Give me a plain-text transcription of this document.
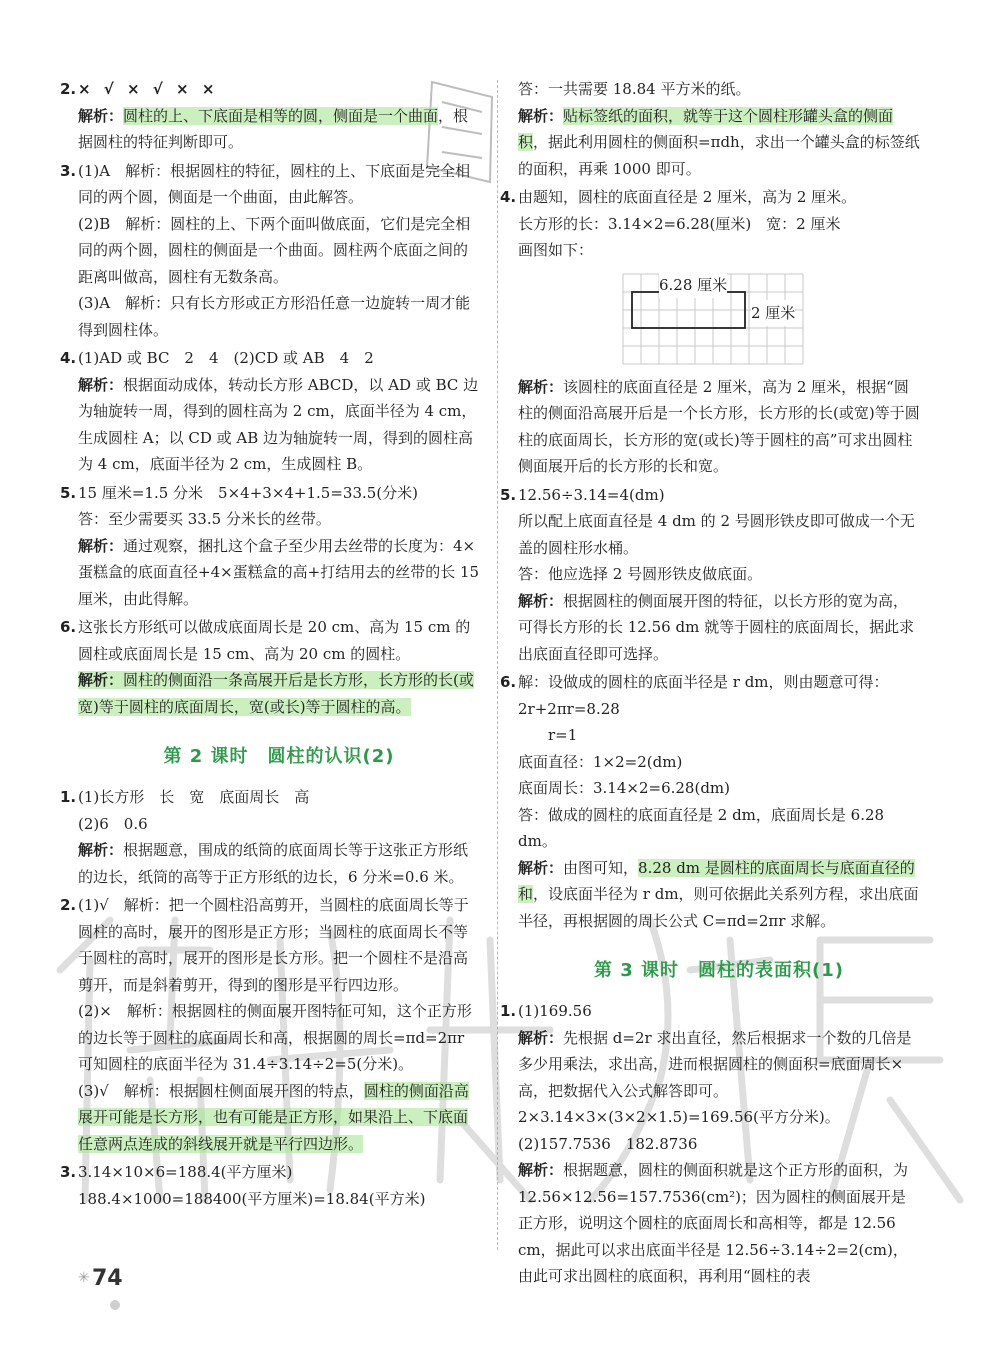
2. × √ × √ × ×

解析：圆柱的上、下底面是相等的圆，侧面是一个曲面，根据圆柱的特征判断即可。

3. (1)A　解析：根据圆柱的特征，圆柱的上、下底面是完全相同的两个圆，侧面是一个曲面，由此解答。

(2)B　解析：圆柱的上、下两个面叫做底面，它们是完全相同的两个圆，圆柱的侧面是一个曲面。圆柱两个底面之间的距离叫做高，圆柱有无数条高。

(3)A　解析：只有长方形或正方形沿任意一边旋转一周才能得到圆柱体。

4. (1)AD 或 BC　2　4　(2)CD 或 AB　4　2

解析：根据面动成体，转动长方形 ABCD，以 AD 或 BC 边为轴旋转一周，得到的圆柱高为 2 cm，底面半径为 4 cm，生成圆柱 A；以 CD 或 AB 边为轴旋转一周，得到的圆柱高为 4 cm，底面半径为 2 cm，生成圆柱 B。

5. 15 厘米=1.5 分米　5×4+3×4+1.5=33.5(分米)

答：至少需要买 33.5 分米长的丝带。

解析：通过观察，捆扎这个盒子至少用去丝带的长度为：4×蛋糕盒的底面直径+4×蛋糕盒的高+打结用去的丝带的长 15 厘米，由此得解。

6. 这张长方形纸可以做成底面周长是 20 cm、高为 15 cm 的圆柱或底面周长是 15 cm、高为 20 cm 的圆柱。

解析：圆柱的侧面沿一条高展开后是长方形，长方形的长(或宽)等于圆柱的底面周长，宽(或长)等于圆柱的高。

第 2 课时　圆柱的认识(2)

1. (1)长方形　长　宽　底面周长　高

(2)6　0.6

解析：根据题意，围成的纸筒的底面周长等于这张正方形纸的边长，纸筒的高等于正方形纸的边长，6 分米=0.6 米。

2. (1)√　解析：把一个圆柱沿高剪开，当圆柱的底面周长等于圆柱的高时，展开的图形是正方形；当圆柱的底面周长不等于圆柱的高时，展开的图形是长方形。把一个圆柱不是沿高剪开，而是斜着剪开，得到的图形是平行四边形。

(2)×　解析：根据圆柱的侧面展开图特征可知，这个正方形的边长等于圆柱的底面周长和高，根据圆的周长=πd=2πr 可知圆柱的底面半径为 31.4÷3.14÷2=5(分米)。

(3)√　解析：根据圆柱侧面展开图的特点，圆柱的侧面沿高展开可能是长方形，也有可能是正方形，如果沿上、下底面任意两点连成的斜线展开就是平行四边形。

3. 3.14×10×6=188.4(平方厘米)

188.4×1000=188400(平方厘米)=18.84(平方米)

答：一共需要 18.84 平方米的纸。

解析：贴标签纸的面积，就等于这个圆柱形罐头盒的侧面积，据此利用圆柱的侧面积=πdh，求出一个罐头盒的标签纸的面积，再乘 1000 即可。

4. 由题知，圆柱的底面直径是 2 厘米，高为 2 厘米。

长方形的长：3.14×2=6.28(厘米)　宽：2 厘米

画图如下：

6.28 厘米
2 厘米

解析：该圆柱的底面直径是 2 厘米，高为 2 厘米，根据“圆柱的侧面沿高展开后是一个长方形，长方形的长(或宽)等于圆柱的底面周长，长方形的宽(或长)等于圆柱的高”可求出圆柱侧面展开后的长方形的长和宽。

5. 12.56÷3.14=4(dm)

所以配上底面直径是 4 dm 的 2 号圆形铁皮即可做成一个无盖的圆柱形水桶。

答：他应选择 2 号圆形铁皮做底面。

解析：根据圆柱的侧面展开图的特征，以长方形的宽为高，可得长方形的长 12.56 dm 就等于圆柱的底面周长，据此求出底面直径即可选择。

6. 解：设做成的圆柱的底面半径是 r dm，则由题意可得：

2r+2πr=8.28

r=1

底面直径：1×2=2(dm)

底面周长：3.14×2=6.28(dm)

答：做成的圆柱的底面直径是 2 dm，底面周长是 6.28 dm。

解析：由图可知，8.28 dm 是圆柱的底面周长与底面直径的和，设底面半径为 r dm，则可依据此关系列方程，求出底面半径，再根据圆的周长公式 C=πd=2πr 求解。

第 3 课时　圆柱的表面积(1)

1. (1)169.56

解析：先根据 d=2r 求出直径，然后根据求一个数的几倍是多少用乘法，求出高，进而根据圆柱的侧面积=底面周长×高，把数据代入公式解答即可。2×3.14×3×(3×2×1.5)=169.56(平方分米)。

(2)157.7536　182.8736

解析：根据题意，圆柱的侧面积就是这个正方形的面积，为 12.56×12.56=157.7536(cm²)；因为圆柱的侧面展开是正方形，说明这个圆柱的底面周长和高相等，都是 12.56 cm，据此可以求出底面半径是 12.56÷3.14÷2=2(cm)，由此可求出圆柱的底面积，再利用“圆柱的表

✳ 74
